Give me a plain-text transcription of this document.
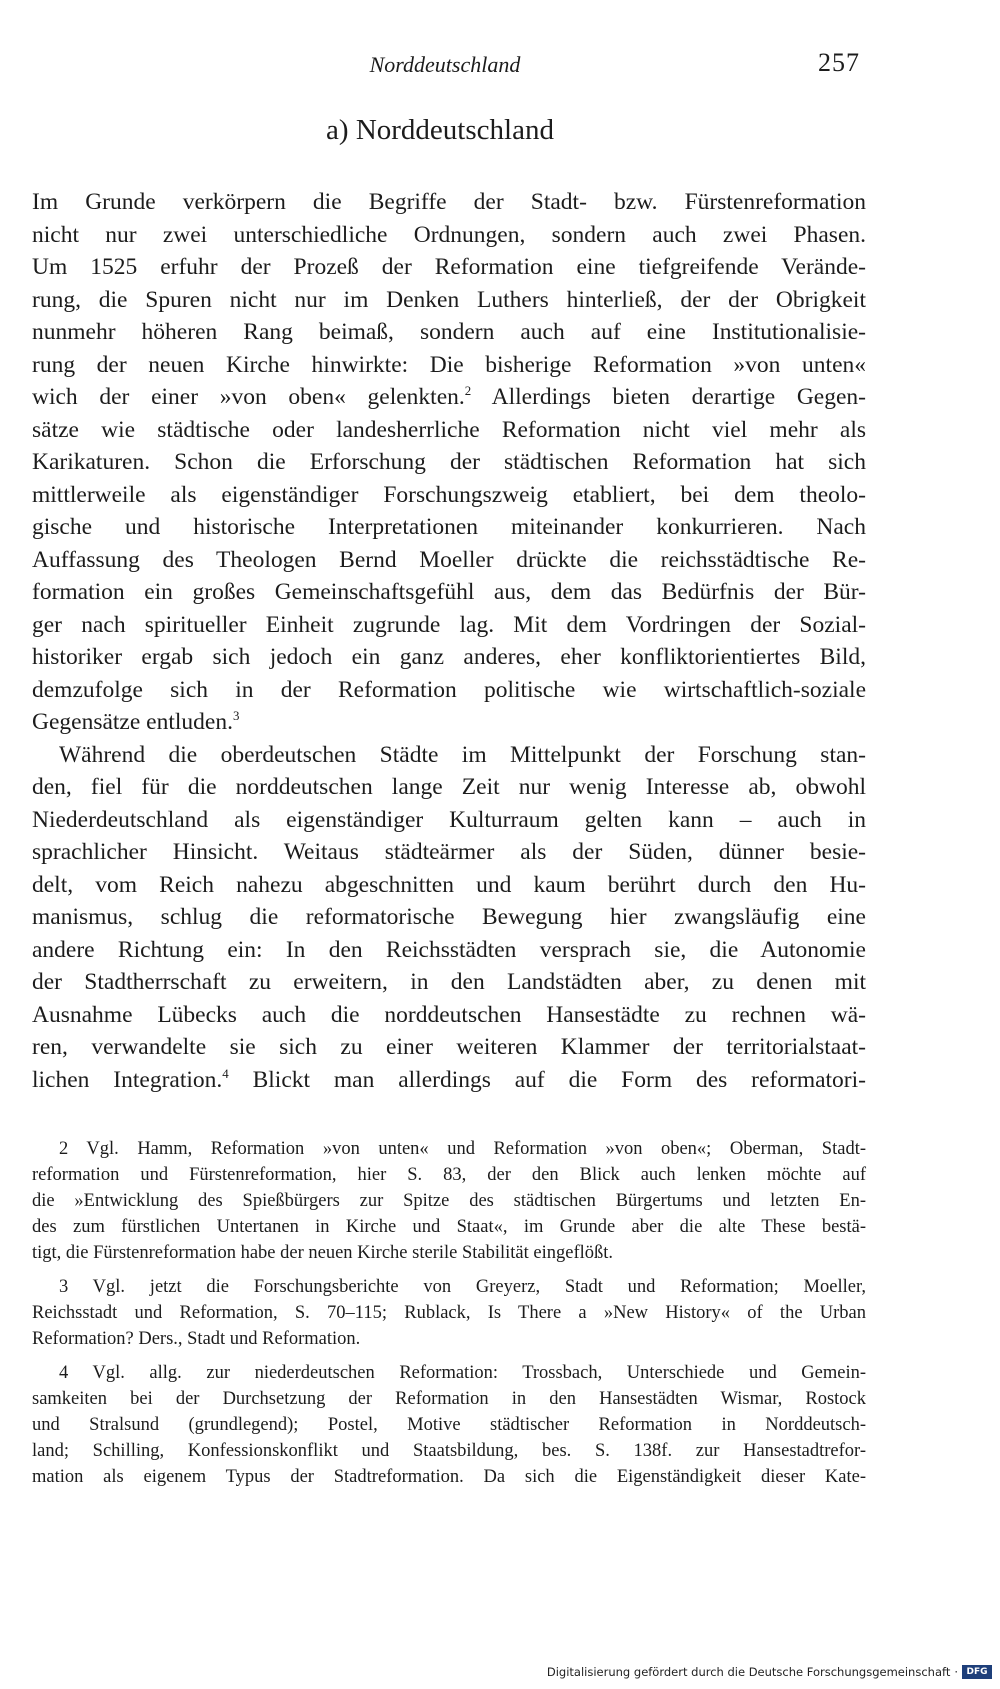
Norddeutschland	257
a) Norddeutschland
Im Grunde verkörpern die Begriffe der Stadt- bzw. Fürstenreformation
nicht nur zwei unterschiedliche Ordnungen, sondern auch zwei Phasen.
Um 1525 erfuhr der Prozeß der Reformation eine tiefgreifende Verände-
rung, die Spuren nicht nur im Denken Luthers hinterließ, der der Obrigkeit
nunmehr höheren Rang beimaß, sondern auch auf eine Institutionalisie-
rung der neuen Kirche hinwirkte: Die bisherige Reformation »von unten«
wich der einer »von oben« gelenkten.$^2$ Allerdings bieten derartige Gegen-
sätze wie städtische oder landesherrliche Reformation nicht viel mehr als
Karikaturen. Schon die Erforschung der städtischen Reformation hat sich
mittlerweile als eigenständiger Forschungszweig etabliert, bei dem theolo-
gische und historische Interpretationen miteinander konkurrieren. Nach
Auffassung des Theologen Bernd Moeller drückte die reichsstädtische Re-
formation ein großes Gemeinschaftsgefühl aus, dem das Bedürfnis der Bür-
ger nach spiritueller Einheit zugrunde lag. Mit dem Vordringen der Sozial-
historiker ergab sich jedoch ein ganz anderes, eher konfliktorientiertes Bild,
demzufolge sich in der Reformation politische wie wirtschaftlich-soziale
Gegensätze entluden.$^3$
Während die oberdeutschen Städte im Mittelpunkt der Forschung stan-
den, fiel für die norddeutschen lange Zeit nur wenig Interesse ab, obwohl
Niederdeutschland als eigenständiger Kulturraum gelten kann – auch in
sprachlicher Hinsicht. Weitaus städteärmer als der Süden, dünner besie-
delt, vom Reich nahezu abgeschnitten und kaum berührt durch den Hu-
manismus, schlug die reformatorische Bewegung hier zwangsläufig eine
andere Richtung ein: In den Reichsstädten versprach sie, die Autonomie
der Stadtherrschaft zu erweitern, in den Landstädten aber, zu denen mit
Ausnahme Lübecks auch die norddeutschen Hansestädte zu rechnen wä-
ren, verwandelte sie sich zu einer weiteren Klammer der territorialstaat-
lichen Integration.$^4$ Blickt man allerdings auf die Form des reformatori-
2 Vgl. Hamm, Reformation »von unten« und Reformation »von oben«; Oberman, Stadt-
reformation und Fürstenreformation, hier S. 83, der den Blick auch lenken möchte auf
die »Entwicklung des Spießbürgers zur Spitze des städtischen Bürgertums und letzten En-
des zum fürstlichen Untertanen in Kirche und Staat«, im Grunde aber die alte These bestä-
tigt, die Fürstenreformation habe der neuen Kirche sterile Stabilität eingeflößt.
3 Vgl. jetzt die Forschungsberichte von Greyerz, Stadt und Reformation; Moeller,
Reichsstadt und Reformation, S. 70–115; Rublack, Is There a »New History« of the Urban
Reformation? Ders., Stadt und Reformation.
4 Vgl. allg. zur niederdeutschen Reformation: Trossbach, Unterschiede und Gemein-
samkeiten bei der Durchsetzung der Reformation in den Hansestädten Wismar, Rostock
und Stralsund (grundlegend); Postel, Motive städtischer Reformation in Norddeutsch-
land; Schilling, Konfessionskonflikt und Staatsbildung, bes. S. 138f. zur Hansestadtrefor-
mation als eigenem Typus der Stadtreformation. Da sich die Eigenständigkeit dieser Kate-
Digitalisierung gefördert durch die Deutsche Forschungsgemeinschaft · DFG
